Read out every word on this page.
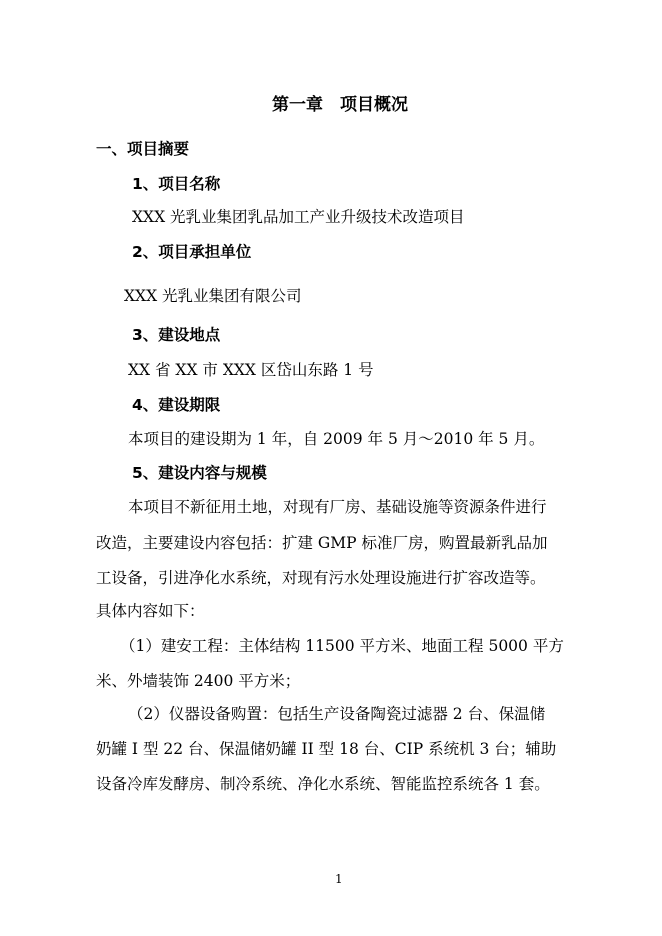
第一章　项目概况
一、项目摘要
1、项目名称
XXX 光乳业集团乳品加工产业升级技术改造项目
2、项目承担单位
XXX 光乳业集团有限公司
3、建设地点
XX 省 XX 市 XXX 区岱山东路 1 号
4、建设期限
本项目的建设期为 1 年，自 2009 年 5 月～2010 年 5 月。
5、建设内容与规模
本项目不新征用土地，对现有厂房、基础设施等资源条件进行
改造，主要建设内容包括：扩建 GMP 标准厂房，购置最新乳品加
工设备，引进净化水系统，对现有污水处理设施进行扩容改造等。
具体内容如下：
（1）建安工程：主体结构 11500 平方米、地面工程 5000 平方
米、外墙装饰 2400 平方米；
（2）仪器设备购置：包括生产设备陶瓷过滤器 2 台、保温储
奶罐 I 型 22 台、保温储奶罐 II 型 18 台、CIP 系统机 3 台；辅助
设备冷库发酵房、制冷系统、净化水系统、智能监控系统各 1 套。
1
